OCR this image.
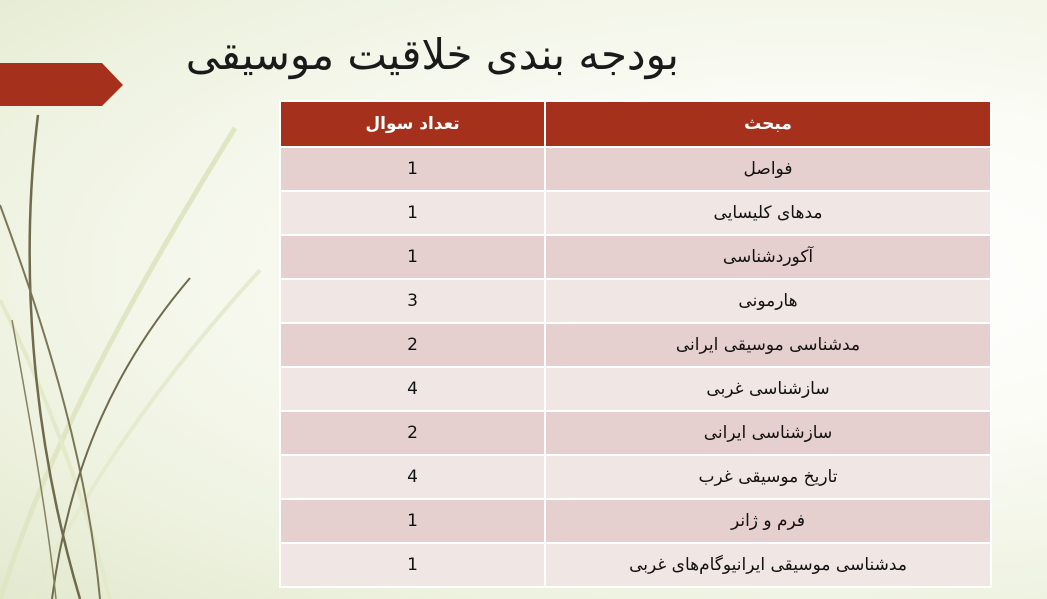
بودجه بندی خلاقیت موسیقی
مبحث	تعداد سوال
فواصل	1
مدهای کلیسایی	1
آکوردشناسی	1
هارمونی	3
مدشناسی موسیقی ایرانی	2
سازشناسی غربی	4
سازشناسی ایرانی	2
تاریخ موسیقی غرب	4
فرم و ژانر	1
مدشناسی موسیقی ایرانیوگام‌های غربی	1
